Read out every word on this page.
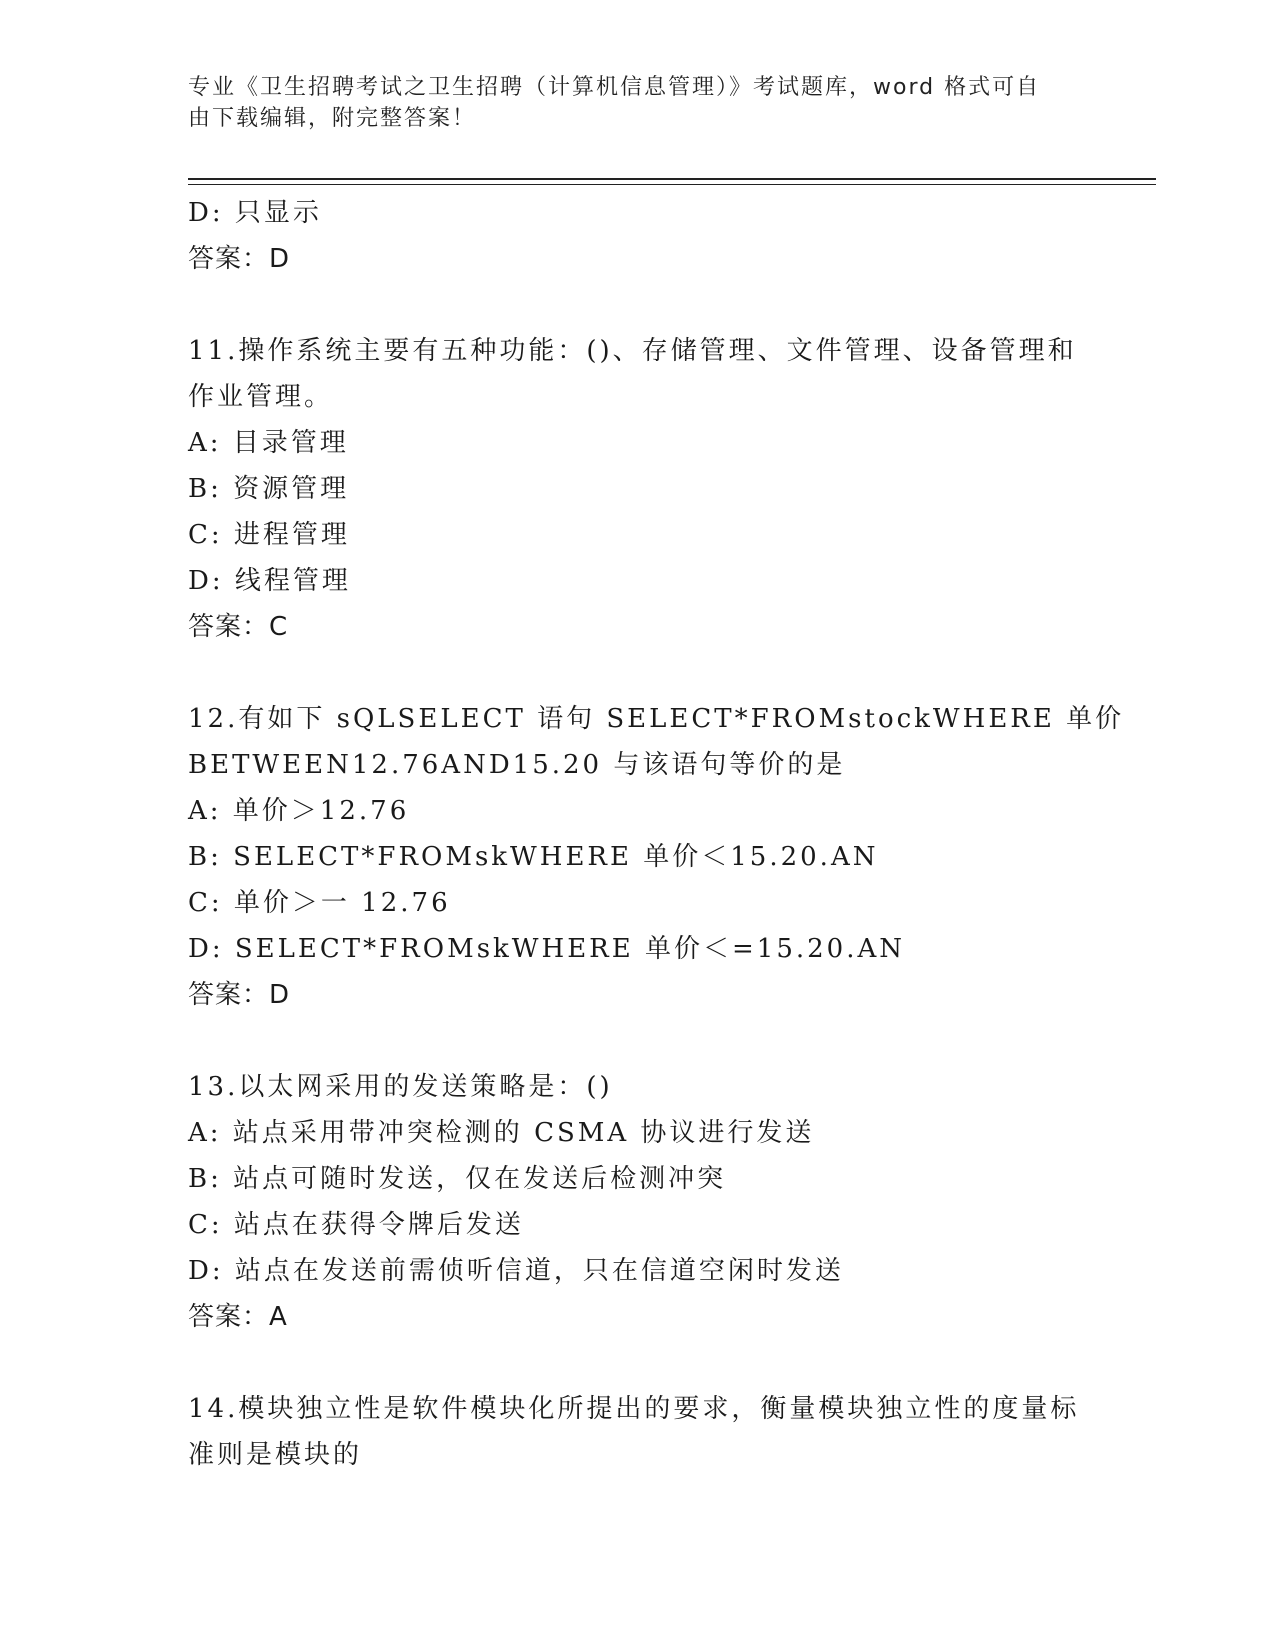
专业《卫生招聘考试之卫生招聘（计算机信息管理）》考试题库，word 格式可自
由下载编辑，附完整答案！

D: 只显示

答案：D

11.操作系统主要有五种功能：()、存储管理、文件管理、设备管理和

作业管理。

A: 目录管理

B: 资源管理

C: 进程管理

D: 线程管理

答案：C

12.有如下 sQLSELECT 语句 SELECT*FROMstockWHERE 单价

BETWEEN12.76AND15.20 与该语句等价的是

A: 单价＞12.76

B: SELECT*FROMskWHERE 单价＜15.20.AN

C: 单价＞一 12.76

D: SELECT*FROMskWHERE 单价＜=15.20.AN

答案：D

13.以太网采用的发送策略是：()

A: 站点采用带冲突检测的 CSMA 协议进行发送

B: 站点可随时发送，仅在发送后检测冲突

C: 站点在获得令牌后发送

D: 站点在发送前需侦听信道，只在信道空闲时发送

答案：A

14.模块独立性是软件模块化所提出的要求，衡量模块独立性的度量标

准则是模块的
